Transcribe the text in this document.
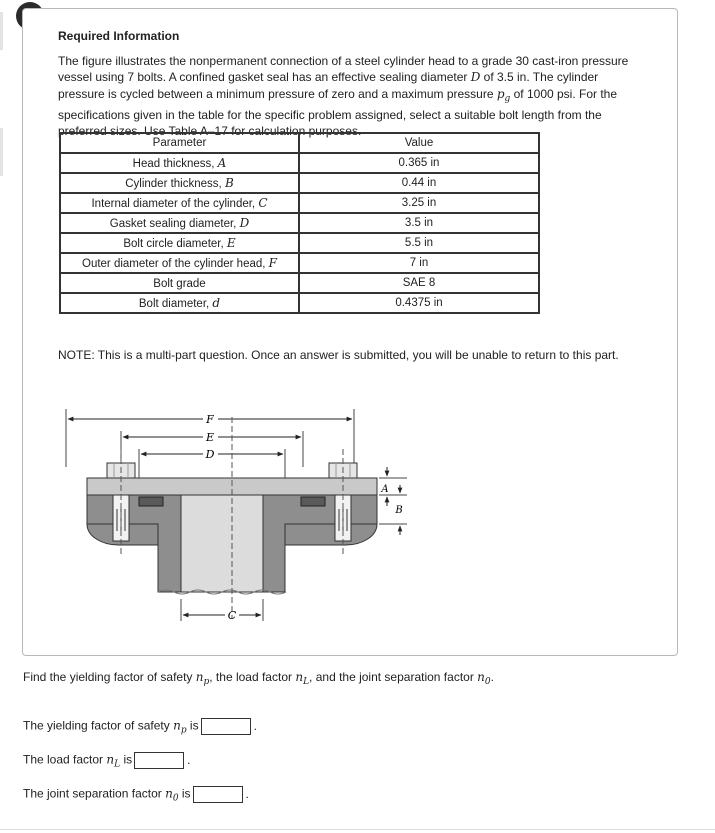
Required Information
The figure illustrates the nonpermanent connection of a steel cylinder head to a grade 30 cast-iron pressure vessel using 7 bolts. A confined gasket seal has an effective sealing diameter D of 3.5 in. The cylinder pressure is cycled between a minimum pressure of zero and a maximum pressure $p_g$ of 1000 psi. For the specifications given in the table for the specific problem assigned, select a suitable bolt length from the preferred sizes. Use Table A–17 for calculation purposes.
Parameter	Value
Head thickness, A	0.365 in
Cylinder thickness, B	0.44 in
Internal diameter of the cylinder, C	3.25 in
Gasket sealing diameter, D	3.5 in
Bolt circle diameter, E	5.5 in
Outer diameter of the cylinder head, F	7 in
Bolt grade	SAE 8
Bolt diameter, d	0.4375 in
NOTE: This is a multi-part question. Once an answer is submitted, you will be unable to return to this part.
F
E
D
A
B
C
Find the yielding factor of safety $n_p$, the load factor $n_L$, and the joint separation factor $n_0$.
The yielding factor of safety $n_p$ is	.
The load factor $n_L$ is	.
The joint separation factor $n_0$ is	.
